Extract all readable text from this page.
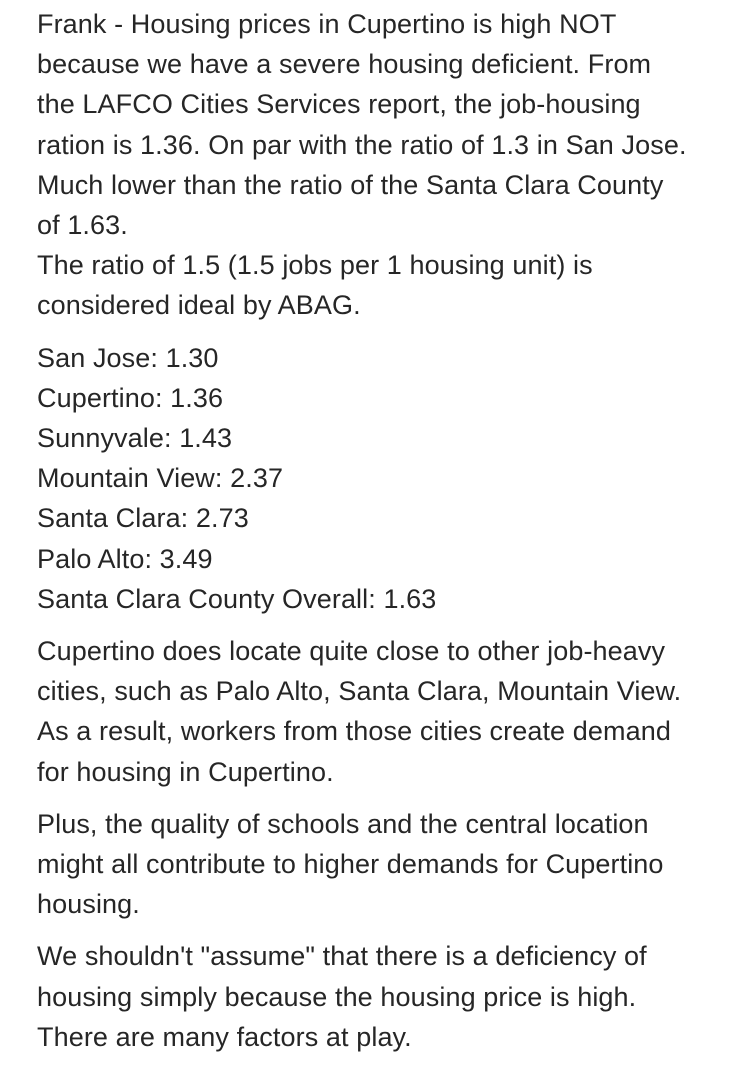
Frank - Housing prices in Cupertino is high NOT
because we have a severe housing deficient. From
the LAFCO Cities Services report, the job-housing
ration is 1.36. On par with the ratio of 1.3 in San Jose.
Much lower than the ratio of the Santa Clara County
of 1.63.
The ratio of 1.5 (1.5 jobs per 1 housing unit) is
considered ideal by ABAG.
San Jose: 1.30
Cupertino: 1.36
Sunnyvale: 1.43
Mountain View: 2.37
Santa Clara: 2.73
Palo Alto: 3.49
Santa Clara County Overall: 1.63
Cupertino does locate quite close to other job-heavy
cities, such as Palo Alto, Santa Clara, Mountain View.
As a result, workers from those cities create demand
for housing in Cupertino.
Plus, the quality of schools and the central location
might all contribute to higher demands for Cupertino
housing.
We shouldn't "assume" that there is a deficiency of
housing simply because the housing price is high.
There are many factors at play.
